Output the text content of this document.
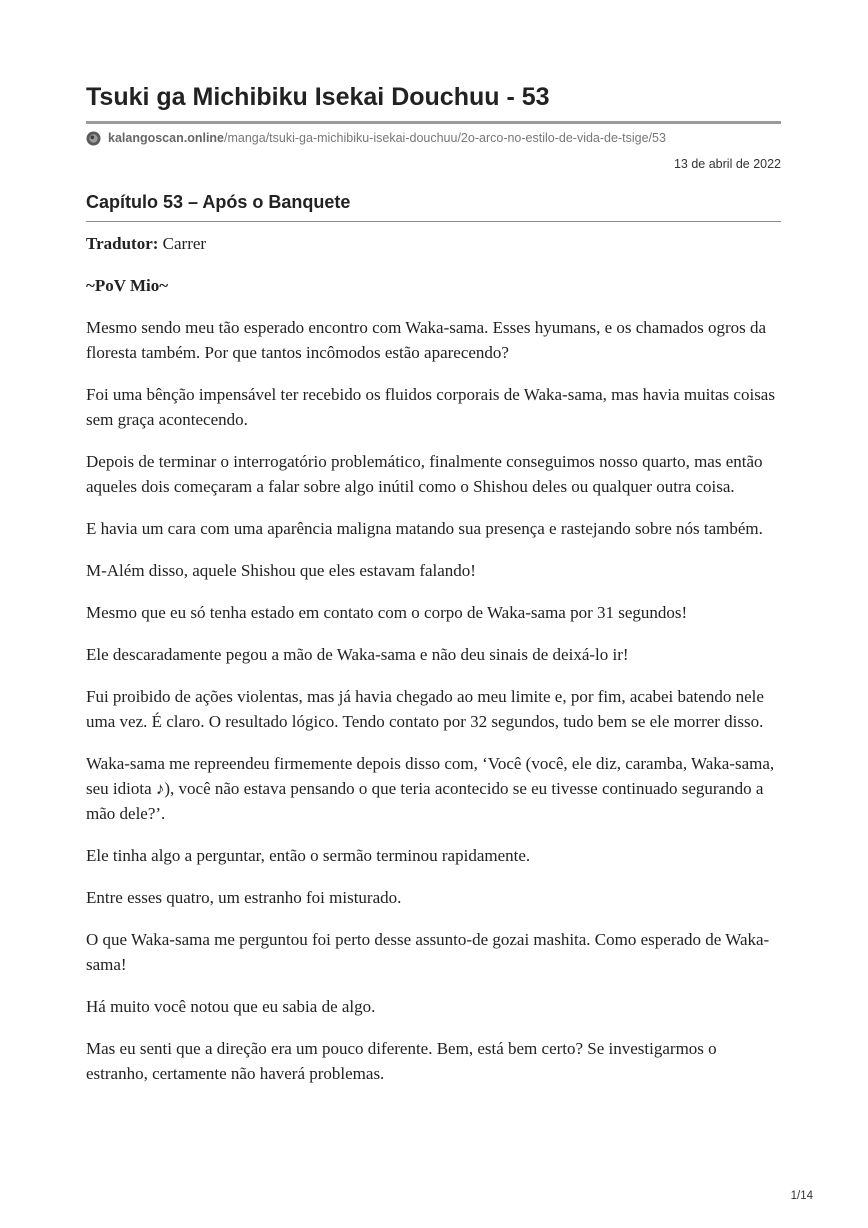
Tsuki ga Michibiku Isekai Douchuu - 53
kalangoscan.online /manga/tsuki-ga-michibiku-isekai-douchuu/2o-arco-no-estilo-de-vida-de-tsige/53
13 de abril de 2022
Capítulo 53 – Após o Banquete

Tradutor: Carrer

~PoV Mio~

Mesmo sendo meu tão esperado encontro com Waka-sama. Esses hyumans, e os chamados ogros da floresta também. Por que tantos incômodos estão aparecendo?

Foi uma bênção impensável ter recebido os fluidos corporais de Waka-sama, mas havia muitas coisas sem graça acontecendo.

Depois de terminar o interrogatório problemático, finalmente conseguimos nosso quarto, mas então aqueles dois começaram a falar sobre algo inútil como o Shishou deles ou qualquer outra coisa.

E havia um cara com uma aparência maligna matando sua presença e rastejando sobre nós também.

M-Além disso, aquele Shishou que eles estavam falando!

Mesmo que eu só tenha estado em contato com o corpo de Waka-sama por 31 segundos!

Ele descaradamente pegou a mão de Waka-sama e não deu sinais de deixá-lo ir!

Fui proibido de ações violentas, mas já havia chegado ao meu limite e, por fim, acabei batendo nele uma vez. É claro. O resultado lógico. Tendo contato por 32 segundos, tudo bem se ele morrer disso.

Waka-sama me repreendeu firmemente depois disso com, ‘Você (você, ele diz, caramba, Waka-sama, seu idiota ♪), você não estava pensando o que teria acontecido se eu tivesse continuado segurando a mão dele?’.

Ele tinha algo a perguntar, então o sermão terminou rapidamente.

Entre esses quatro, um estranho foi misturado.

O que Waka-sama me perguntou foi perto desse assunto-de gozai mashita. Como esperado de Waka-sama!

Há muito você notou que eu sabia de algo.

Mas eu senti que a direção era um pouco diferente. Bem, está bem certo? Se investigarmos o estranho, certamente não haverá problemas.

1/14
